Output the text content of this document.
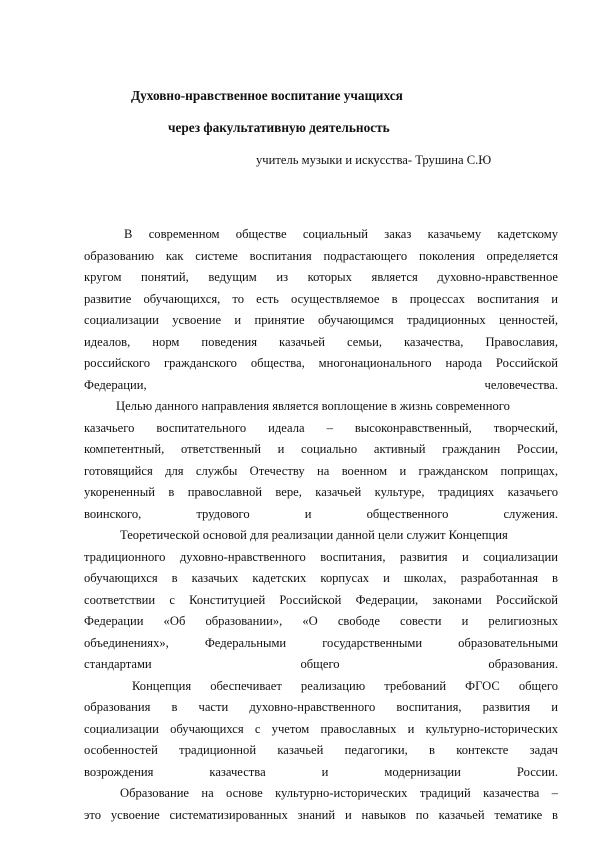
Духовно-нравственное воспитание учащихся
через факультативную деятельность
учитель музыки и искусства- Трушина С.Ю
В современном обществе социальный заказ казачьему кадетскому
образованию как системе воспитания подрастающего поколения определяется
кругом понятий, ведущим из которых является духовно-нравственное
развитие обучающихся, то есть осуществляемое в процессах воспитания и
социализации усвоение и принятие обучающимся традиционных ценностей,
идеалов, норм поведения казачьей семьи, казачества, Православия,
российского гражданского общества, многонационального народа Российской
Федерации, человечества.
Целью данного направления является воплощение в жизнь современного
казачьего воспитательного идеала – высоконравственный, творческий,
компетентный, ответственный и социально активный гражданин России,
готовящийся для службы Отечеству на военном и гражданском поприщах,
укорененный в православной вере, казачьей культуре, традициях казачьего
воинского, трудового и общественного служения.
Теоретической основой для реализации данной цели служит Концепция
традиционного духовно-нравственного воспитания, развития и социализации
обучающихся в казачьих кадетских корпусах и школах, разработанная в
соответствии с Конституцией Российской Федерации, законами Российской
Федерации «Об образовании», «О свободе совести и религиозных
объединениях», Федеральными государственными образовательными
стандартами общего образования.
Концепция обеспечивает реализацию требований ФГОС общего
образования в части духовно-нравственного воспитания, развития и
социализации обучающихся с учетом православных и культурно-исторических
особенностей традиционной казачьей педагогики, в контексте задач
возрождения казачества и модернизации России.
Образование на основе культурно-исторических традиций казачества –
это усвоение систематизированных знаний и навыков по казачьей тематике в
